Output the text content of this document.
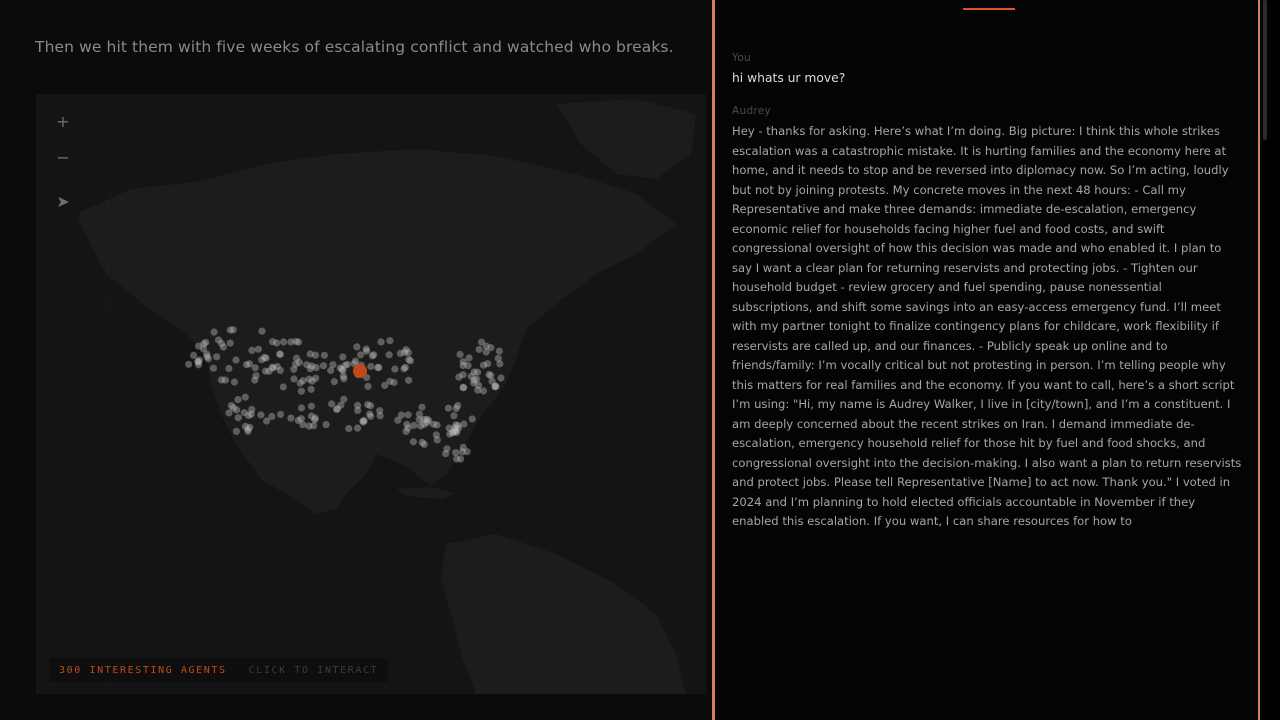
Then we hit them with five weeks of escalating conflict and watched who breaks.

+
−
➤
300 INTERESTING AGENTS CLICK TO INTERACT
You
hi whats ur move?
Audrey

Hey - thanks for asking. Here’s what I’m doing. Big picture: I think this whole strikes escalation was a catastrophic mistake. It is hurting families and the economy here at home, and it needs to stop and be reversed into diplomacy now. So I’m acting, loudly but not by joining protests. My concrete moves in the next 48 hours: - Call my Representative and make three demands: immediate de-escalation, emergency economic relief for households facing higher fuel and food costs, and swift congressional oversight of how this decision was made and who enabled it. I plan to say I want a clear plan for returning reservists and protecting jobs. - Tighten our household budget - review grocery and fuel spending, pause nonessential subscriptions, and shift some savings into an easy-access emergency fund. I’ll meet with my partner tonight to finalize contingency plans for childcare, work flexibility if reservists are called up, and our finances. - Publicly speak up online and to friends/family: I’m vocally critical but not protesting in person. I’m telling people why this matters for real families and the economy. If you want to call, here’s a short script I’m using: "Hi, my name is Audrey Walker, I live in [city/town], and I’m a constituent. I am deeply concerned about the recent strikes on Iran. I demand immediate de-escalation, emergency household relief for those hit by fuel and food shocks, and congressional oversight into the decision-making. I also want a plan to return reservists and protect jobs. Please tell Representative [Name] to act now. Thank you." I voted in 2024 and I’m planning to hold elected officials accountable in November if they enabled this escalation. If you want, I can share resources for how to
